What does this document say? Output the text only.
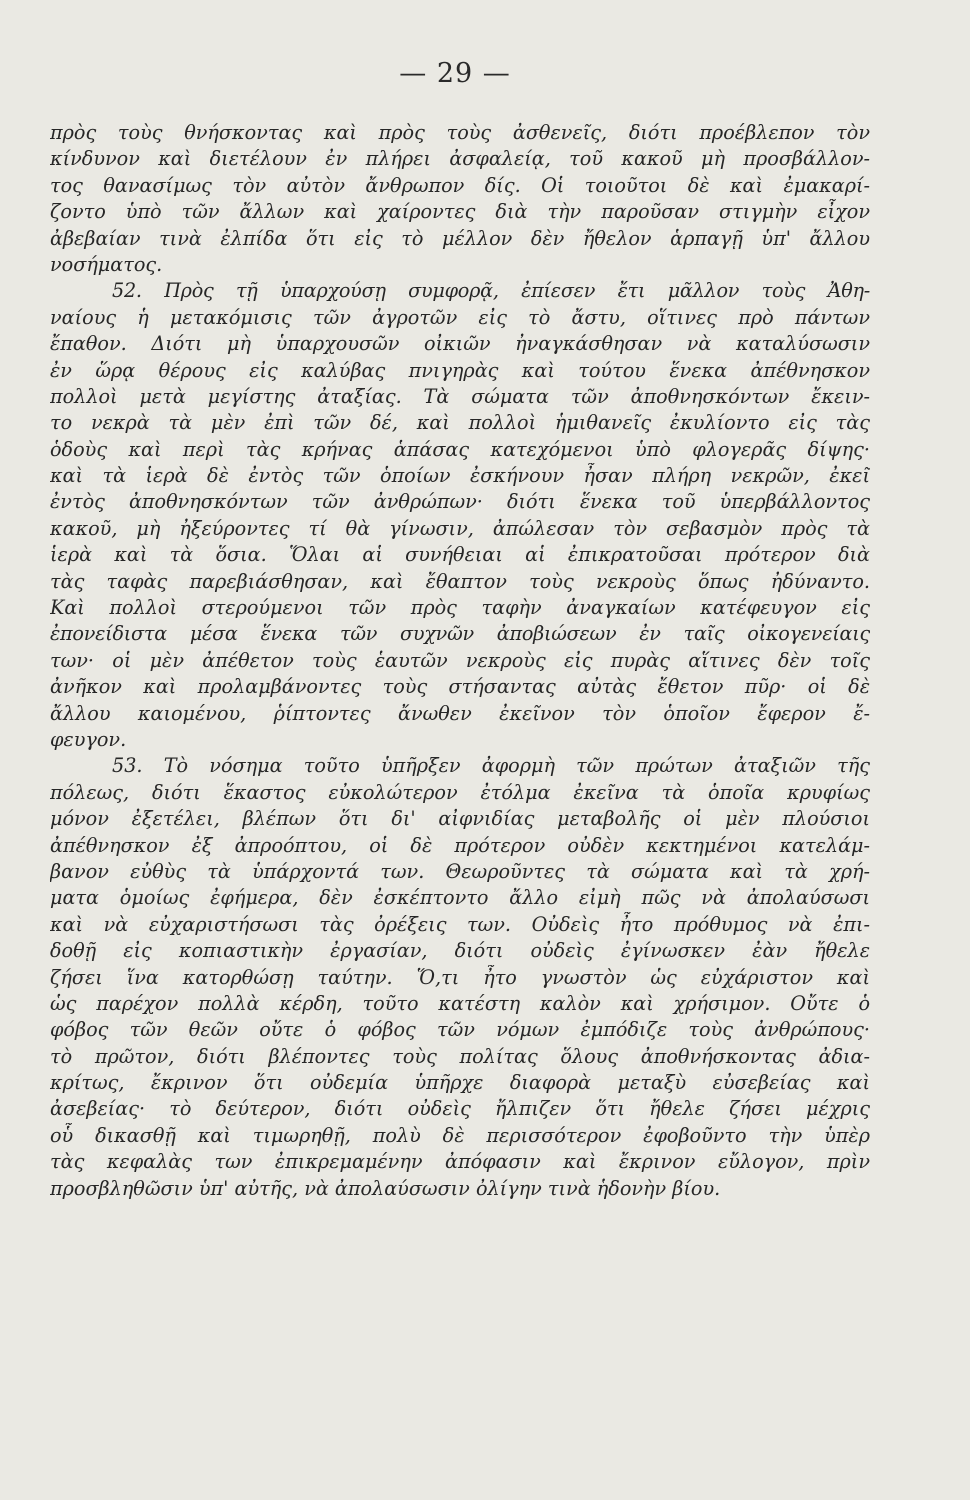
— 29 —
πρὸς τοὺς θνήσκοντας καὶ πρὸς τοὺς ἀσθενεῖς, διότι προέβλεπον τὸν
κίνδυνον καὶ διετέλουν ἐν πλήρει ἀσφαλείᾳ, τοῦ κακοῦ μὴ προσβάλλον-
τος θανασίμως τὸν αὐτὸν ἄνθρωπον δίς. Οἱ τοιοῦτοι δὲ καὶ ἐμακαρί-
ζοντο ὑπὸ τῶν ἄλλων καὶ χαίροντες διὰ τὴν παροῦσαν στιγμὴν εἶχον
ἀβεβαίαν τινὰ ἐλπίδα ὅτι εἰς τὸ μέλλον δὲν ἤθελον ἁρπαγῇ ὑπ' ἄλλου
νοσήματος.
52. Πρὸς τῇ ὑπαρχούσῃ συμφορᾷ, ἐπίεσεν ἔτι μᾶλλον τοὺς Ἀθη-
ναίους ἡ μετακόμισις τῶν ἀγροτῶν εἰς τὸ ἄστυ, οἵτινες πρὸ πάντων
ἔπαθον. Διότι μὴ ὑπαρχουσῶν οἰκιῶν ἠναγκάσθησαν νὰ καταλύσωσιν
ἐν ὥρᾳ θέρους εἰς καλύβας πνιγηρὰς καὶ τούτου ἕνεκα ἀπέθνησκον
πολλοὶ μετὰ μεγίστης ἀταξίας. Τὰ σώματα τῶν ἀποθνησκόντων ἔκειν-
το νεκρὰ τὰ μὲν ἐπὶ τῶν δέ, καὶ πολλοὶ ἡμιθανεῖς ἐκυλίοντο εἰς τὰς
ὁδοὺς καὶ περὶ τὰς κρήνας ἁπάσας κατεχόμενοι ὑπὸ φλογερᾶς δίψης·
καὶ τὰ ἱερὰ δὲ ἐντὸς τῶν ὁποίων ἐσκήνουν ἦσαν πλήρη νεκρῶν, ἐκεῖ
ἐντὸς ἀποθνησκόντων τῶν ἀνθρώπων· διότι ἕνεκα τοῦ ὑπερβάλλοντος
κακοῦ, μὴ ἠξεύροντες τί θὰ γίνωσιν, ἀπώλεσαν τὸν σεβασμὸν πρὸς τὰ
ἱερὰ καὶ τὰ ὅσια. Ὅλαι αἱ συνήθειαι αἱ ἐπικρατοῦσαι πρότερον διὰ
τὰς ταφὰς παρεβιάσθησαν, καὶ ἔθαπτον τοὺς νεκροὺς ὅπως ἠδύναντο.
Καὶ πολλοὶ στερούμενοι τῶν πρὸς ταφὴν ἀναγκαίων κατέφευγον εἰς
ἐπονείδιστα μέσα ἕνεκα τῶν συχνῶν ἀποβιώσεων ἐν ταῖς οἰκογενείαις
των· οἱ μὲν ἀπέθετον τοὺς ἑαυτῶν νεκροὺς εἰς πυρὰς αἵτινες δὲν τοῖς
ἀνῆκον καὶ προλαμβάνοντες τοὺς στήσαντας αὐτὰς ἔθετον πῦρ· οἱ δὲ
ἄλλου καιομένου, ῥίπτοντες ἄνωθεν ἐκεῖνον τὸν ὁποῖον ἔφερον ἔ-
φευγον.
53. Τὸ νόσημα τοῦτο ὑπῆρξεν ἀφορμὴ τῶν πρώτων ἀταξιῶν τῆς
πόλεως, διότι ἕκαστος εὐκολώτερον ἐτόλμα ἐκεῖνα τὰ ὁποῖα κρυφίως
μόνον ἐξετέλει, βλέπων ὅτι δι' αἰφνιδίας μεταβολῆς οἱ μὲν πλούσιοι
ἀπέθνησκον ἐξ ἀπροόπτου, οἱ δὲ πρότερον οὐδὲν κεκτημένοι κατελάμ-
βανον εὐθὺς τὰ ὑπάρχοντά των. Θεωροῦντες τὰ σώματα καὶ τὰ χρή-
ματα ὁμοίως ἐφήμερα, δὲν ἐσκέπτοντο ἄλλο εἰμὴ πῶς νὰ ἀπολαύσωσι
καὶ νὰ εὐχαριστήσωσι τὰς ὀρέξεις των. Οὐδεὶς ἦτο πρόθυμος νὰ ἐπι-
δοθῇ εἰς κοπιαστικὴν ἐργασίαν, διότι οὐδεὶς ἐγίνωσκεν ἐὰν ἤθελε
ζήσει ἵνα κατορθώσῃ ταύτην. Ὅ,τι ἦτο γνωστὸν ὡς εὐχάριστον καὶ
ὡς παρέχον πολλὰ κέρδη, τοῦτο κατέστη καλὸν καὶ χρήσιμον. Οὔτε ὁ
φόβος τῶν θεῶν οὔτε ὁ φόβος τῶν νόμων ἐμπόδιζε τοὺς ἀνθρώπους·
τὸ πρῶτον, διότι βλέποντες τοὺς πολίτας ὅλους ἀποθνήσκοντας ἀδια-
κρίτως, ἔκρινον ὅτι οὐδεμία ὑπῆρχε διαφορὰ μεταξὺ εὐσεβείας καὶ
ἀσεβείας· τὸ δεύτερον, διότι οὐδεὶς ἤλπιζεν ὅτι ἤθελε ζήσει μέχρις
οὗ δικασθῇ καὶ τιμωρηθῇ, πολὺ δὲ περισσότερον ἐφοβοῦντο τὴν ὑπὲρ
τὰς κεφαλὰς των ἐπικρεμαμένην ἀπόφασιν καὶ ἔκρινον εὔλογον, πρὶν
προσβληθῶσιν ὑπ' αὐτῆς, νὰ ἀπολαύσωσιν ὀλίγην τινὰ ἡδονὴν βίου.
